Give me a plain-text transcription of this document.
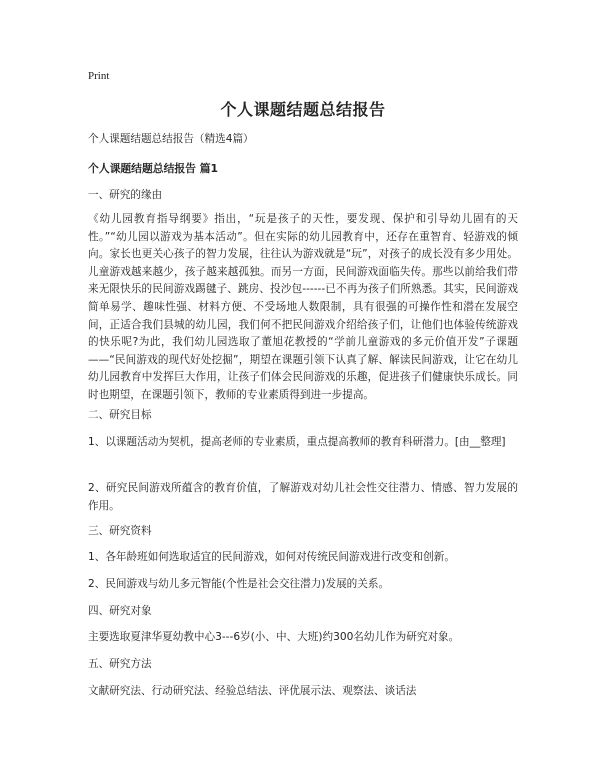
Print
个人课题结题总结报告

个人课题结题总结报告（精选4篇）

个人课题结题总结报告 篇1

一、研究的缘由

《幼儿园教育指导纲要》指出，“玩是孩子的天性，要发现、保护和引导幼儿固有的天性。”“幼儿园以游戏为基本活动”。但在实际的幼儿园教育中，还存在重智育、轻游戏的倾向。家长也更关心孩子的智力发展，往往认为游戏就是“玩”，对孩子的成长没有多少用处。儿童游戏越来越少，孩子越来越孤独。而另一方面，民间游戏面临失传。那些以前给我们带来无限快乐的民间游戏踢毽子、跳房、投沙包------已不再为孩子们所熟悉。其实，民间游戏简单易学、趣味性强、材料方便、不受场地人数限制，具有很强的可操作性和潜在发展空间，正适合我们县城的幼儿园，我们何不把民间游戏介绍给孩子们，让他们也体验传统游戏的快乐呢?为此，我们幼儿园选取了董旭花教授的“学前儿童游戏的多元价值开发”子课题——“民间游戏的现代好处挖掘”，期望在课题引领下认真了解、解读民间游戏，让它在幼儿幼儿园教育中发挥巨大作用，让孩子们体会民间游戏的乐趣，促进孩子们健康快乐成长。同时也期望，在课题引领下，教师的专业素质得到进一步提高。

二、研究目标

1、以课题活动为契机，提高老师的专业素质，重点提高教师的教育科研潜力。[由__整理]

2、研究民间游戏所蕴含的教育价值，了解游戏对幼儿社会性交往潜力、情感、智力发展的作用。

三、研究资料

1、各年龄班如何选取适宜的民间游戏，如何对传统民间游戏进行改变和创新。

2、民间游戏与幼儿多元智能(个性是社会交往潜力)发展的关系。

四、研究对象

主要选取夏津华夏幼教中心3---6岁(小、中、大班)约300名幼儿作为研究对象。

五、研究方法

文献研究法、行动研究法、经验总结法、评优展示法、观察法、谈话法
